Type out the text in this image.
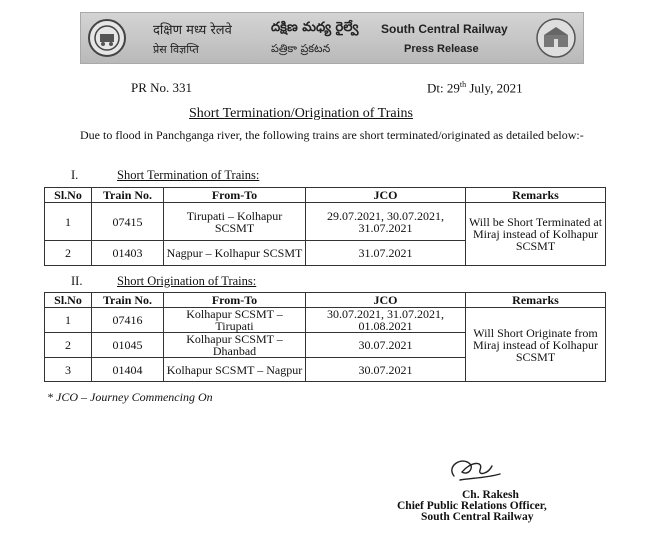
दक्षिण मध्य रेलवे
प्रेस विज्ञप्ति
దక్షిణ మధ్య రైల్వే
పత్రికా ప్రకటన
South Central Railway
Press Release
PR No. 331	Dt: 29th July, 2021
Short Termination/Origination of Trains

Due to flood in Panchganga river, the following trains are short terminated/originated as detailed below:-

I.	Short Termination of Trains:
Sl.No	Train No.	From-To	JCO	Remarks
1	07415	Tirupati – Kolhapur SCSMT	29.07.2021, 30.07.2021, 31.07.2021	Will be Short Terminated at Miraj instead of Kolhapur SCSMT
2	01403	Nagpur – Kolhapur SCSMT	31.07.2021	
II.	Short Origination of Trains:
Sl.No	Train No.	From-To	JCO	Remarks
1	07416	Kolhapur SCSMT – Tirupati	30.07.2021, 31.07.2021, 01.08.2021	Will Short Originate from Miraj instead of Kolhapur SCSMT
2	01045	Kolhapur SCSMT – Dhanbad	30.07.2021	
3	01404	Kolhapur SCSMT – Nagpur	30.07.2021	
* JCO – Journey Commencing On
Ch. Rakesh
Chief Public Relations Officer,
South Central Railway
